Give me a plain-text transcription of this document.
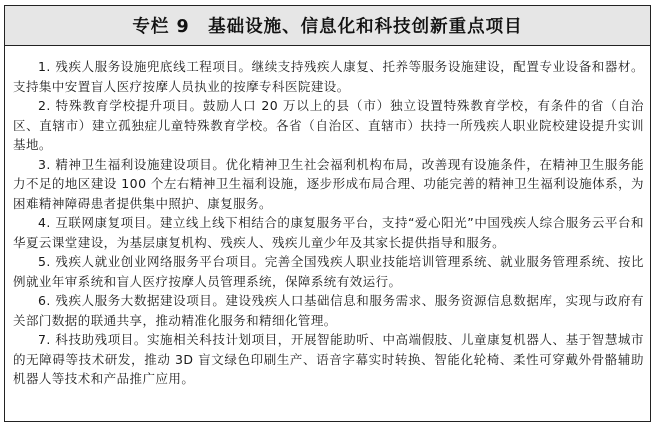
专栏 9　基础设施、信息化和科技创新重点项目

1. 残疾人服务设施兜底线工程项目。继续支持残疾人康复、托养等服务设施建设，配置专业设备和器材。支持集中安置盲人医疗按摩人员执业的按摩专科医院建设。

2. 特殊教育学校提升项目。鼓励人口 20 万以上的县（市）独立设置特殊教育学校，有条件的省（自治区、直辖市）建立孤独症儿童特殊教育学校。各省（自治区、直辖市）扶持一所残疾人职业院校建设提升实训基地。

3. 精神卫生福利设施建设项目。优化精神卫生社会福利机构布局，改善现有设施条件，在精神卫生服务能力不足的地区建设 100 个左右精神卫生福利设施，逐步形成布局合理、功能完善的精神卫生福利设施体系，为困难精神障碍患者提供集中照护、康复服务。

4. 互联网康复项目。建立线上线下相结合的康复服务平台，支持“爱心阳光”中国残疾人综合服务云平台和华夏云课堂建设，为基层康复机构、残疾人、残疾儿童少年及其家长提供指导和服务。

5. 残疾人就业创业网络服务平台项目。完善全国残疾人职业技能培训管理系统、就业服务管理系统、按比例就业年审系统和盲人医疗按摩人员管理系统，保障系统有效运行。

6. 残疾人服务大数据建设项目。建设残疾人口基础信息和服务需求、服务资源信息数据库，实现与政府有关部门数据的联通共享，推动精准化服务和精细化管理。

7. 科技助残项目。实施相关科技计划项目，开展智能助听、中高端假肢、儿童康复机器人、基于智慧城市的无障碍等技术研发，推动 3D 盲文绿色印刷生产、语音字幕实时转换、智能化轮椅、柔性可穿戴外骨骼辅助机器人等技术和产品推广应用。
